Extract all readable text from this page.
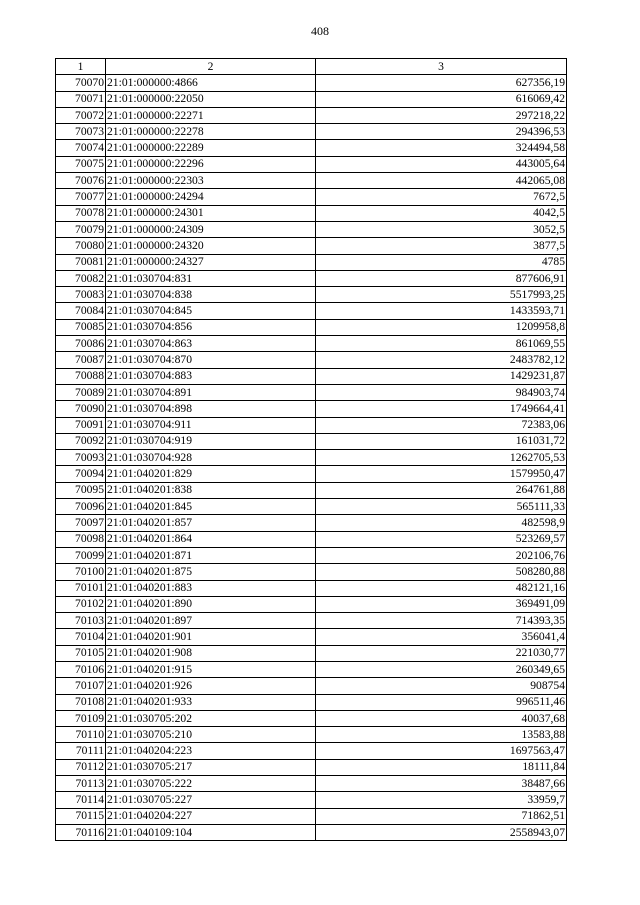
408
1	2	3
70070	21:01:000000:4866	627356,19
70071	21:01:000000:22050	616069,42
70072	21:01:000000:22271	297218,22
70073	21:01:000000:22278	294396,53
70074	21:01:000000:22289	324494,58
70075	21:01:000000:22296	443005,64
70076	21:01:000000:22303	442065,08
70077	21:01:000000:24294	7672,5
70078	21:01:000000:24301	4042,5
70079	21:01:000000:24309	3052,5
70080	21:01:000000:24320	3877,5
70081	21:01:000000:24327	4785
70082	21:01:030704:831	877606,91
70083	21:01:030704:838	5517993,25
70084	21:01:030704:845	1433593,71
70085	21:01:030704:856	1209958,8
70086	21:01:030704:863	861069,55
70087	21:01:030704:870	2483782,12
70088	21:01:030704:883	1429231,87
70089	21:01:030704:891	984903,74
70090	21:01:030704:898	1749664,41
70091	21:01:030704:911	72383,06
70092	21:01:030704:919	161031,72
70093	21:01:030704:928	1262705,53
70094	21:01:040201:829	1579950,47
70095	21:01:040201:838	264761,88
70096	21:01:040201:845	565111,33
70097	21:01:040201:857	482598,9
70098	21:01:040201:864	523269,57
70099	21:01:040201:871	202106,76
70100	21:01:040201:875	508280,88
70101	21:01:040201:883	482121,16
70102	21:01:040201:890	369491,09
70103	21:01:040201:897	714393,35
70104	21:01:040201:901	356041,4
70105	21:01:040201:908	221030,77
70106	21:01:040201:915	260349,65
70107	21:01:040201:926	908754
70108	21:01:040201:933	996511,46
70109	21:01:030705:202	40037,68
70110	21:01:030705:210	13583,88
70111	21:01:040204:223	1697563,47
70112	21:01:030705:217	18111,84
70113	21:01:030705:222	38487,66
70114	21:01:030705:227	33959,7
70115	21:01:040204:227	71862,51
70116	21:01:040109:104	2558943,07
